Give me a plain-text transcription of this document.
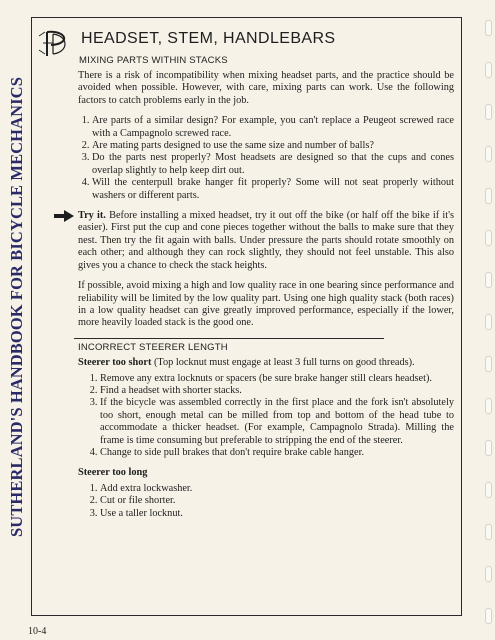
SUTHERLAND'S HANDBOOK FOR BICYCLE MECHANICS
HEADSET, STEM, HANDLEBARS
MIXING PARTS WITHIN STACKS

There is a risk of incompatibility when mixing headset parts, and the practice should be avoided when possible. However, with care, mixing parts can work. Use the following factors to catch problems early in the job.

1. Are parts of a similar design? For example, you can't replace a Peugeot screwed race with a Campagnolo screwed race.
2. Are mating parts designed to use the same size and number of balls?
3. Do the parts nest properly? Most headsets are designed so that the cups and cones overlap slightly to help keep dirt out.
4. Will the centerpull brake hanger fit properly? Some will not seat properly without washers or different parts.

Try it. Before installing a mixed headset, try it out off the bike (or half off the bike if it's easier). First put the cup and cone pieces together without the balls to make sure that they nest. Then try the fit again with balls. Under pressure the parts should rotate smoothly on each other; and although they can rock slightly, they should not feel unstable. This also gives you a chance to check the stack heights.

If possible, avoid mixing a high and low quality race in one bearing since performance and reliability will be limited by the low quality part. Using one high quality stack (both races) in a low quality headset can give greatly improved performance, especially if the lower, more heavily loaded stack is the good one.

INCORRECT STEERER LENGTH

Steerer too short (Top locknut must engage at least 3 full turns on good threads).

1. Remove any extra locknuts or spacers (be sure brake hanger still clears headset).
2. Find a headset with shorter stacks.
3. If the bicycle was assembled correctly in the first place and the fork isn't absolutely too short, enough metal can be milled from top and bottom of the head tube to accommodate a thicker headset. (For example, Campagnolo Strada). Milling the frame is time consuming but preferable to stripping the end of the steerer.
4. Change to side pull brakes that don't require brake cable hanger.

Steerer too long

1. Add extra lockwasher.
2. Cut or file shorter.
3. Use a taller locknut.
10-4
